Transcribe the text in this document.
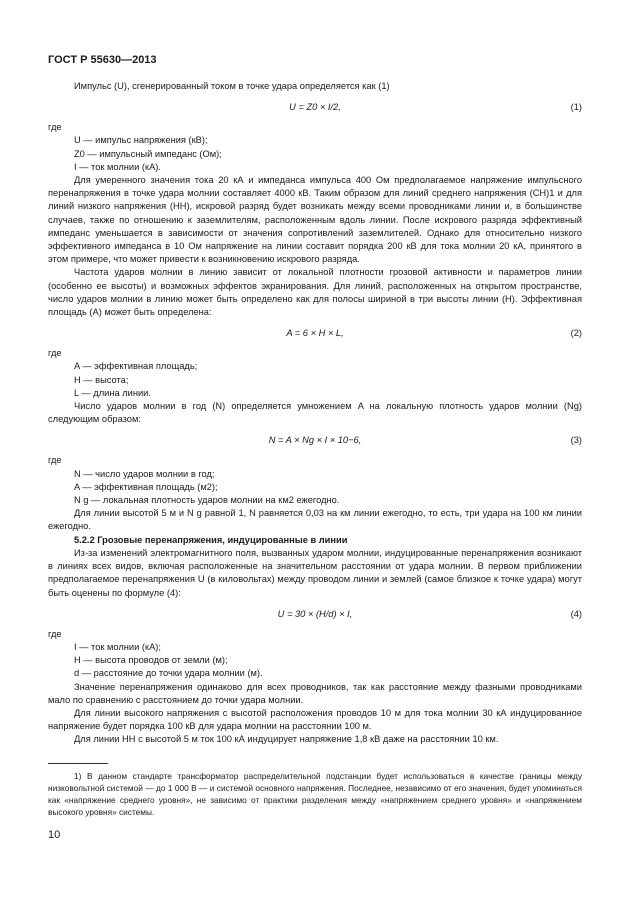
ГОСТ Р 55630—2013

Импульс (U), сгенерированный током в точке удара определяется как (1)

U = Z0 × I/2,	(1)

где

U — импульс напряжения (кВ);

Z0 — импульсный импеданс (Ом);

I — ток молнии (кА).

Для умеренного значения тока 20 кА и импеданса импульса 400 Ом предполагаемое напряжение импульсного перенапряжения в точке удара молнии составляет 4000 кВ. Таким образом для линий среднего напряжения (СН)1 и для линий низкого напряжения (НН), искровой разряд будет возникать между всеми проводниками линии и, в большинстве случаев, также по отношению к заземлителям, расположенным вдоль линии. После искрового разряда эффективный импеданс уменьшается в зависимости от значения сопротивлений заземлителей. Однако для относительно низкого эффективного импеданса в 10 Ом напряжение на линии составит порядка 200 кВ для тока молнии 20 кА, принятого в этом примере, что может привести к возникновению искрового разряда.

Частота ударов молнии в линию зависит от локальной плотности грозовой активности и параметров линии (особенно ее высоты) и возможных эффектов экранирования. Для линий, расположенных на открытом пространстве, число ударов молнии в линию может быть определено как для полосы шириной в три высоты линии (H). Эффективная площадь (A) может быть определена:

A = 6 × H × L,	(2)

где

A — эффективная площадь;

H — высота;

L — длина линии.

Число ударов молнии в год (N) определяется умножением A на локальную плотность ударов молнии (Ng) следующим образом:

N = A × Ng × I × 10−6,	(3)

где

N — число ударов молнии в год;

A — эффективная площадь (м2);

N g — локальная плотность ударов молнии на км2 ежегодно.

Для линии высотой 5 м и N g равной 1, N равняется 0,03 на км линии ежегодно, то есть, три удара на 100 км линии ежегодно.

5.2.2 Грозовые перенапряжения, индуцированные в линии

Из-за изменений электромагнитного поля, вызванных ударом молнии, индуцированные перенапряжения возникают в линиях всех видов, включая расположенные на значительном расстоянии от удара молнии. В первом приближении предполагаемое перенапряжения U (в киловольтах) между проводом линии и землей (самое близкое к точке удара) могут быть оценены по формуле (4):

U = 30 × (H/d) × I,	(4)

где

I — ток молнии (кА);

H — высота проводов от земли (м);

d — расстояние до точки удара молнии (м).

Значение перенапряжения одинаково для всех проводников, так как расстояние между фазными проводниками мало по сравнению с расстоянием до точки удара молнии.

Для линии высокого напряжения с высотой расположения проводов 10 м для тока молнии 30 кА индуцированное напряжение будет порядка 100 кВ для удара молнии на расстоянии 100 м.

Для линии НН с высотой 5 м ток 100 кА индуцирует напряжение 1,8 кВ даже на расстоянии 10 км.

1) В данном стандарте трансформатор распределительной подстанции будет использоваться в качестве границы между низковольтной системой — до 1 000 В — и системой основного напряжения. Последнее, независимо от его значения, будет упоминаться как «напряжение среднего уровня», не зависимо от практики разделения между «напряжением среднего уровня» и «напряжением высокого уровня» системы.
10
